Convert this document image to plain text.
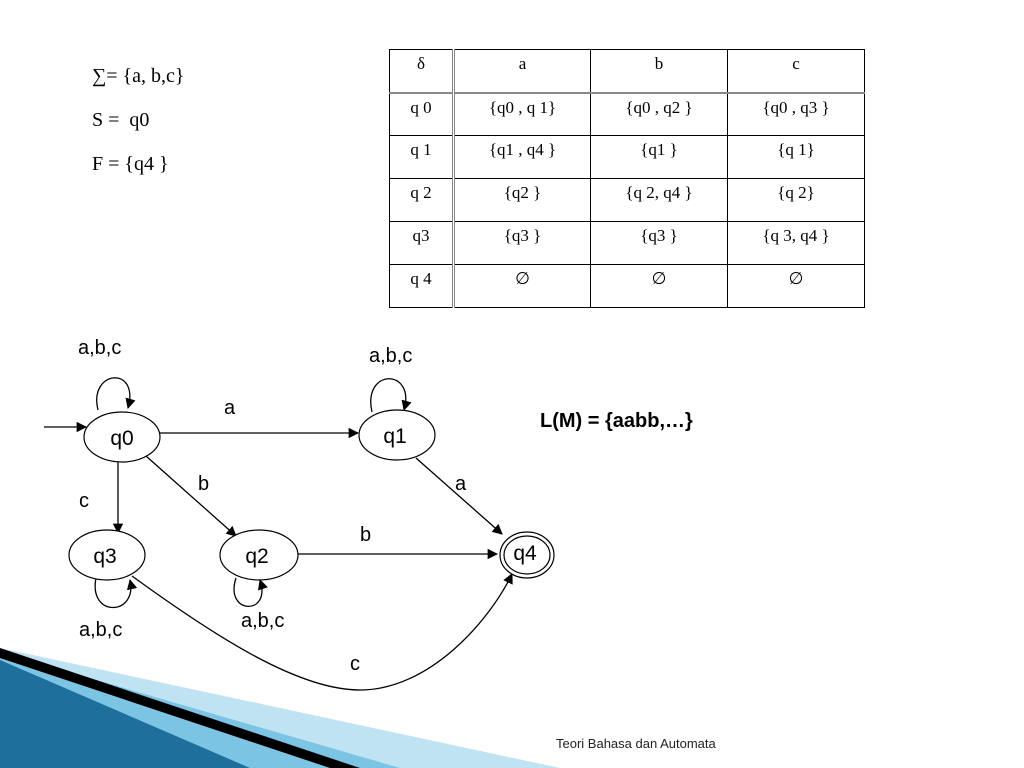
∑= {a, b,c}
S =  q0
F = {q4 }
δ	a	b	c
q 0	{q0 , q 1}	{q0 , q2 }	{q0 , q3 }
q 1	{q1 , q4 }	{q1 }	{q 1}
q 2	{q2 }	{q 2, q4 }	{q 2}
q3	{q3 }	{q3 }	{q 3, q4 }
q 4	∅	∅	∅
q0	q1
q2
q3	q4
a,b,c
a
b
c
a,b,c
a
a,b,c
b
a,b,c
c
L(M) = {aabb,…}
Teori Bahasa dan Automata
